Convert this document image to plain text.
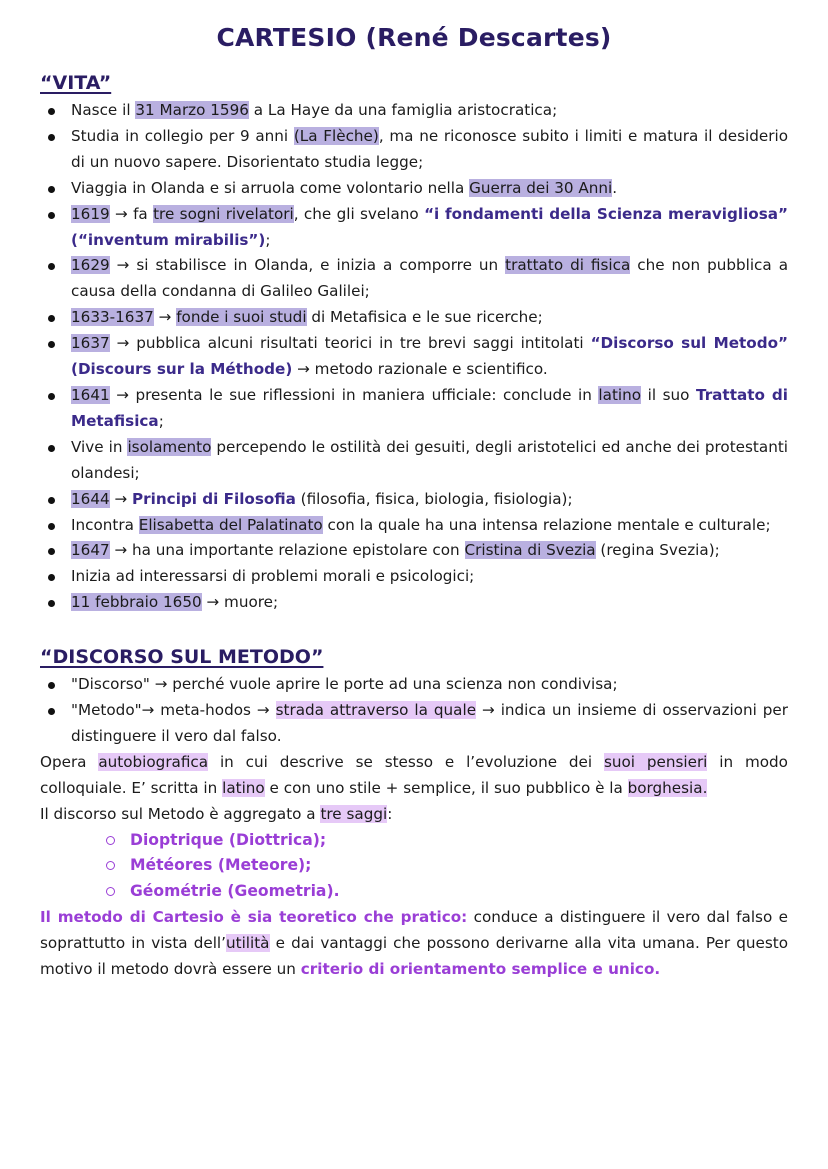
CARTESIO (René Descartes)
“VITA”
Nasce il 31 Marzo 1596 a La Haye da una famiglia aristocratica;
Studia in collegio per 9 anni (La Flèche), ma ne riconosce subito i limiti e matura il desiderio di un nuovo sapere. Disorientato studia legge;
Viaggia in Olanda e si arruola come volontario nella Guerra dei 30 Anni.
1619 → fa tre sogni rivelatori, che gli svelano “i fondamenti della Scienza meravigliosa” (“inventum mirabilis”);
1629 → si stabilisce in Olanda, e inizia a comporre un trattato di fisica che non pubblica a causa della condanna di Galileo Galilei;
1633-1637 → fonde i suoi studi di Metafisica e le sue ricerche;
1637 → pubblica alcuni risultati teorici in tre brevi saggi intitolati “Discorso sul Metodo” (Discours sur la Méthode) → metodo razionale e scientifico.
1641 → presenta le sue riflessioni in maniera ufficiale: conclude in latino il suo Trattato di Metafisica;
Vive in isolamento percependo le ostilità dei gesuiti, degli aristotelici ed anche dei protestanti olandesi;
1644 → Principi di Filosofia (filosofia, fisica, biologia, fisiologia);
Incontra Elisabetta del Palatinato con la quale ha una intensa relazione mentale e culturale;
1647 → ha una importante relazione epistolare con Cristina di Svezia (regina Svezia);
Inizia ad interessarsi di problemi morali e psicologici;
11 febbraio 1650 → muore;
“DISCORSO SUL METODO”
"Discorso" → perché vuole aprire le porte ad una scienza non condivisa;
"Metodo"→ meta-hodos → strada attraverso la quale → indica un insieme di osservazioni per distinguere il vero dal falso.

Opera autobiografica in cui descrive se stesso e l’evoluzione dei suoi pensieri in modo colloquiale. E’ scritta in latino e con uno stile + semplice, il suo pubblico è la borghesia.

Il discorso sul Metodo è aggregato a tre saggi:

Dioptrique (Diottrica);
Météores (Meteore);
Géométrie (Geometria).

Il metodo di Cartesio è sia teoretico che pratico: conduce a distinguere il vero dal falso e soprattutto in vista dell’utilità e dai vantaggi che possono derivarne alla vita umana. Per questo motivo il metodo dovrà essere un criterio di orientamento semplice e unico.
